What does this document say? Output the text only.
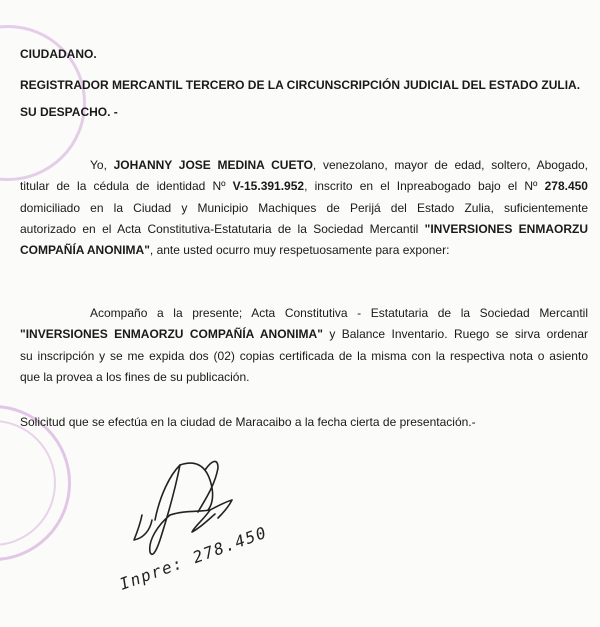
CIUDADANO.
REGISTRADOR MERCANTIL TERCERO DE LA CIRCUNSCRIPCIÓN JUDICIAL DEL ESTADO ZULIA.
SU DESPACHO. -
Yo, JOHANNY JOSE MEDINA CUETO, venezolano, mayor de edad, soltero, Abogado,
titular de la cédula de identidad Nº V-15.391.952, inscrito en el Inpreabogado bajo el Nº 278.450
domiciliado en la Ciudad y Municipio Machiques de Perijá del Estado Zulia, suficientemente
autorizado en el Acta Constitutiva-Estatutaria de la Sociedad Mercantil "INVERSIONES ENMAORZU
COMPAÑÍA ANONIMA", ante usted ocurro muy respetuosamente para exponer:
Acompaño a la presente; Acta Constitutiva - Estatutaria de la Sociedad Mercantil
"INVERSIONES ENMAORZU COMPAÑÍA ANONIMA" y Balance Inventario. Ruego se sirva ordenar
su inscripción y se me expida dos (02) copias certificada de la misma con la respectiva nota o asiento
que la provea a los fines de su publicación.
Solicitud que se efectúa en la ciudad de Maracaibo a la fecha cierta de presentación.-
Inpre: 278.450
